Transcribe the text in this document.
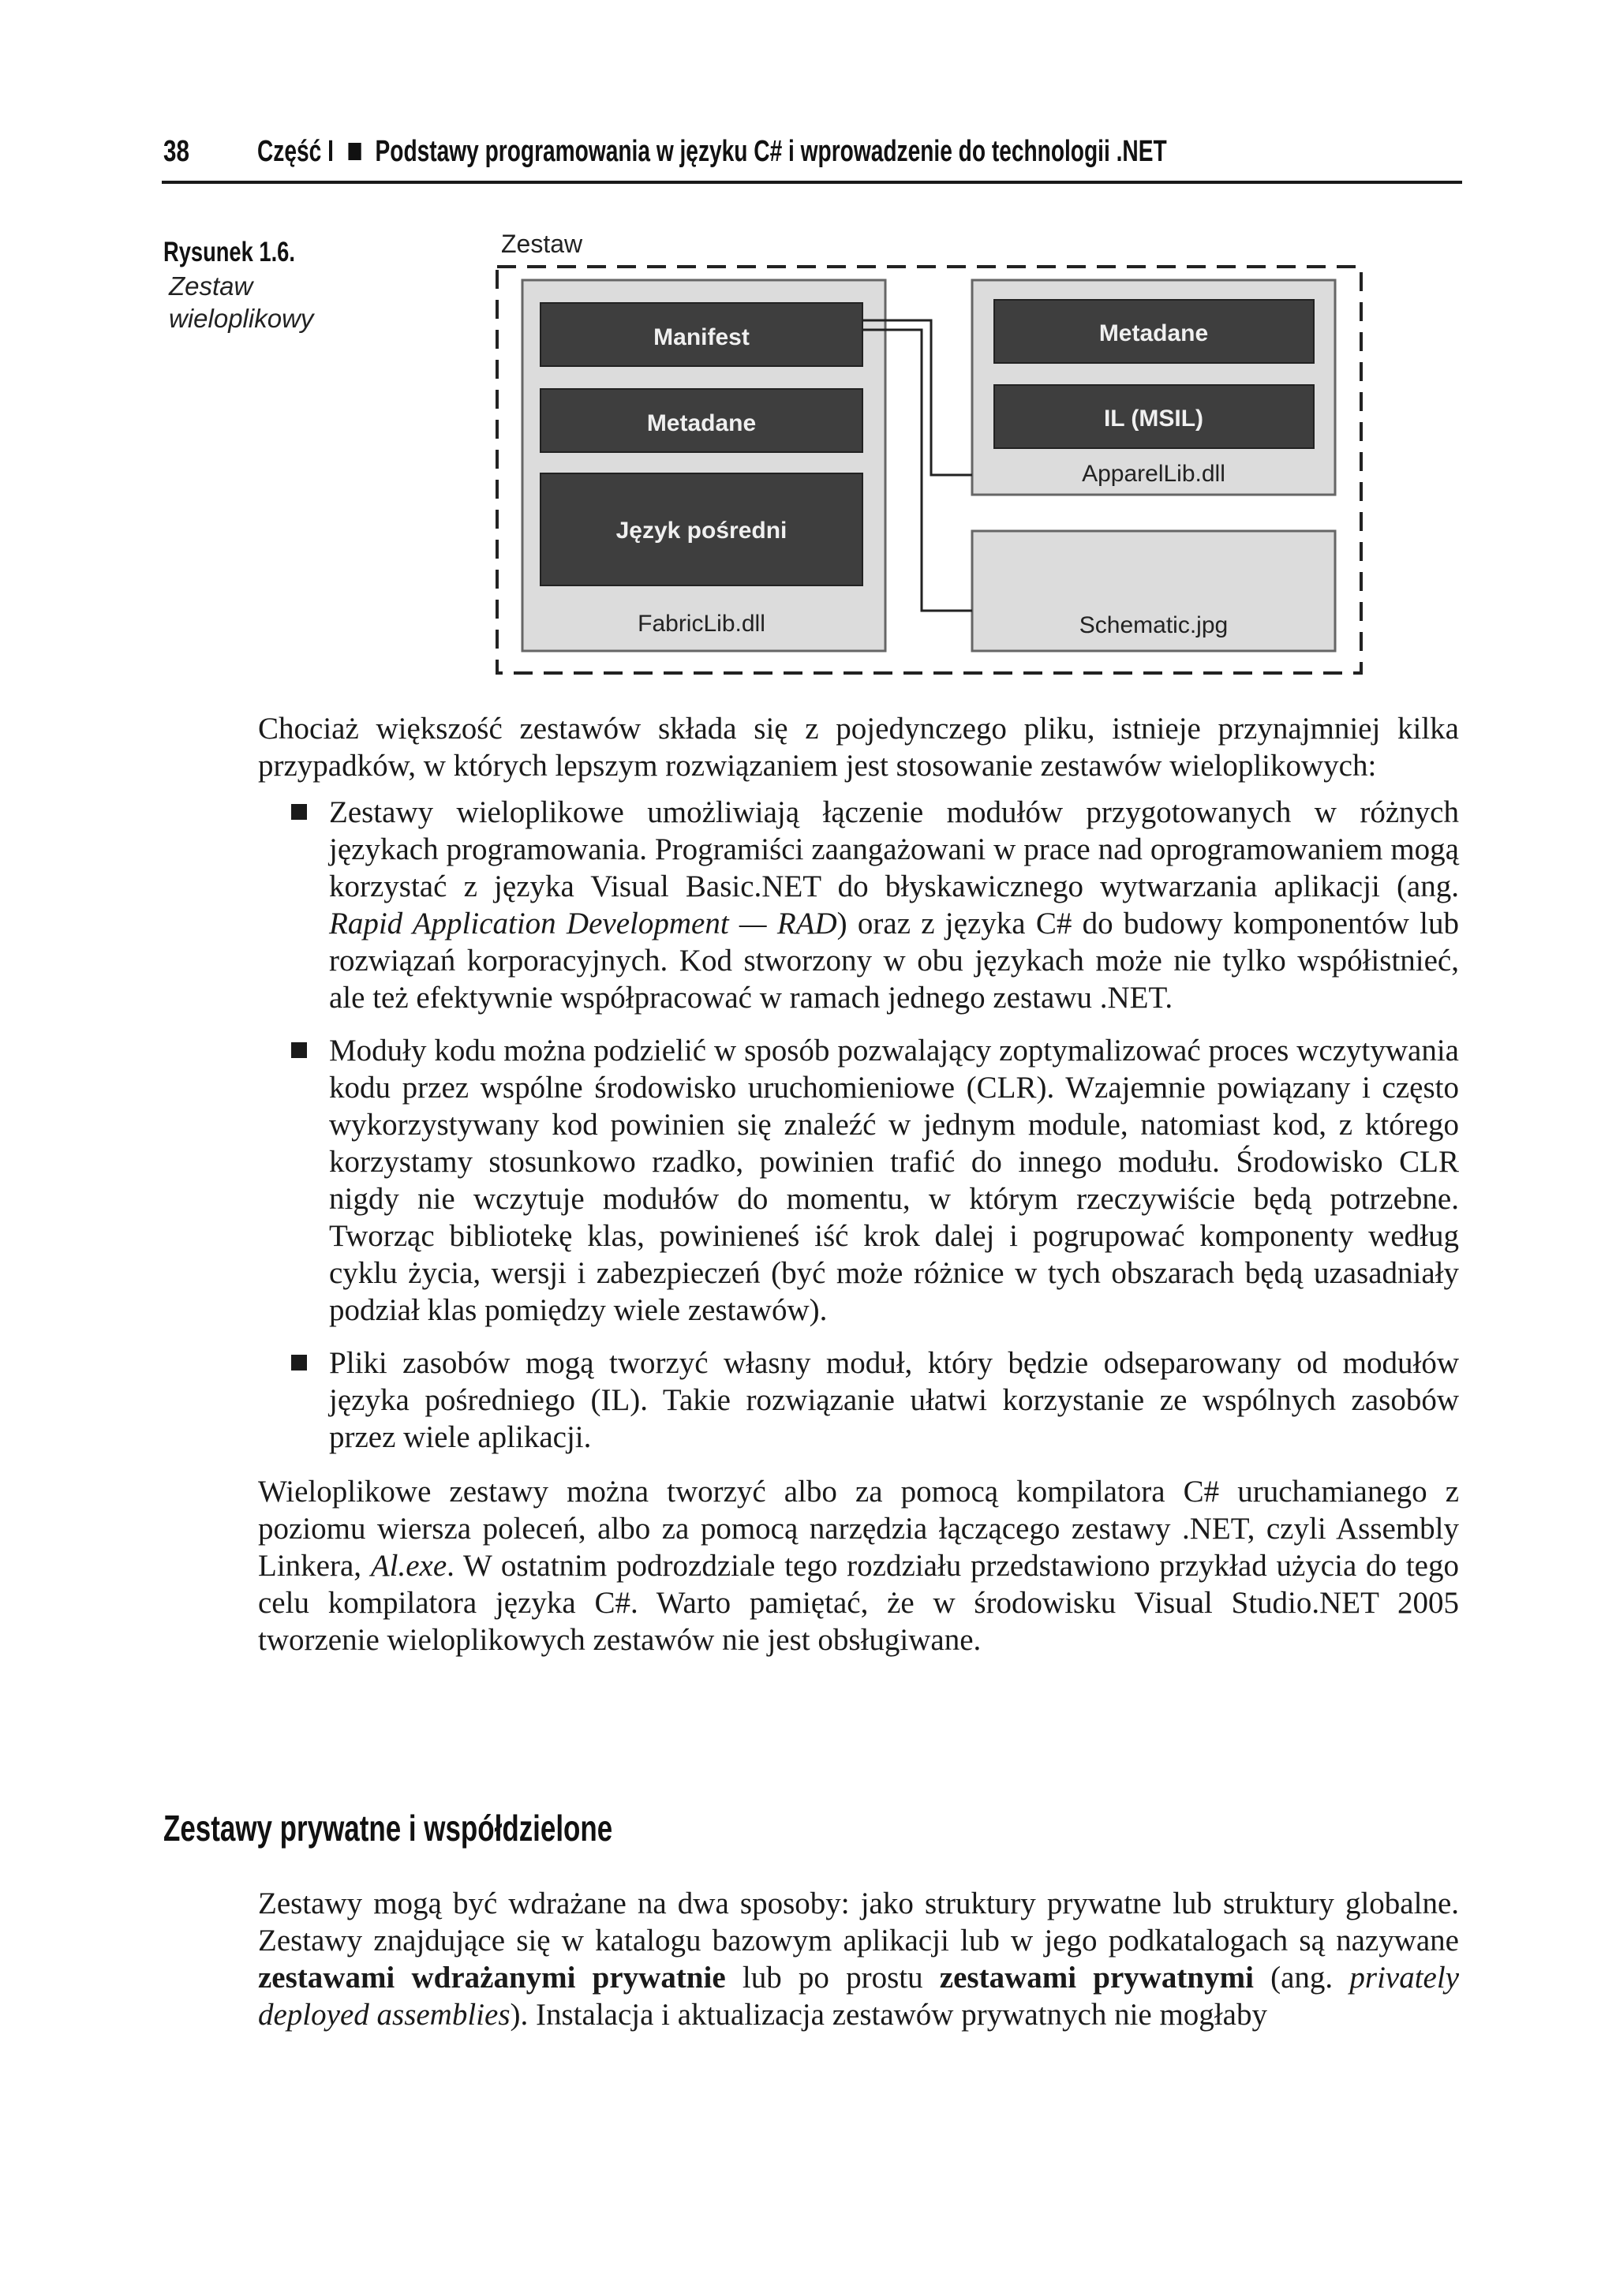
38 Część I Podstawy programowania w języku C# i wprowadzenie do technologii .NET
Rysunek 1.6.
Zestaw
wieloplikowy
Zestaw
Manifest
Metadane
Język pośredni
FabricLib.dll
Metadane
IL (MSIL)
ApparelLib.dll
Schematic.jpg

Chociaż większość zestawów składa się z pojedynczego pliku, istnieje przynajmniej kilka przypadków, w których lepszym rozwiązaniem jest stosowanie zestawów wieloplikowych:

Zestawy wieloplikowe umożliwiają łączenie modułów przygotowanych w różnych językach programowania. Programiści zaangażowani w prace nad oprogramowaniem mogą korzystać z języka Visual Basic.NET do błyskawicznego wytwarzania aplikacji (ang. Rapid Application Development — RAD) oraz z języka C# do budowy komponentów lub rozwiązań korporacyjnych. Kod stworzony w obu językach może nie tylko współistnieć, ale też efektywnie współpracować w ramach jednego zestawu .NET.
Moduły kodu można podzielić w sposób pozwalający zoptymalizować proces wczytywania kodu przez wspólne środowisko uruchomieniowe (CLR). Wzajemnie powiązany i często wykorzystywany kod powinien się znaleźć w jednym module, natomiast kod, z którego korzystamy stosunkowo rzadko, powinien trafić do innego modułu. Środowisko CLR nigdy nie wczytuje modułów do momentu, w którym rzeczywiście będą potrzebne. Tworząc bibliotekę klas, powinieneś iść krok dalej i pogrupować komponenty według cyklu życia, wersji i zabezpieczeń (być może różnice w tych obszarach będą uzasadniały podział klas pomiędzy wiele zestawów).
Pliki zasobów mogą tworzyć własny moduł, który będzie odseparowany od modułów języka pośredniego (IL). Takie rozwiązanie ułatwi korzystanie ze wspólnych zasobów przez wiele aplikacji.

Wieloplikowe zestawy można tworzyć albo za pomocą kompilatora C# uruchamianego z poziomu wiersza poleceń, albo za pomocą narzędzia łączącego zestawy .NET, czyli Assembly Linkera, Al.exe. W ostatnim podrozdziale tego rozdziału przedstawiono przykład użycia do tego celu kompilatora języka C#. Warto pamiętać, że w środowisku Visual Studio.NET 2005 tworzenie wieloplikowych zestawów nie jest obsługiwane.

Zestawy prywatne i współdzielone

Zestawy mogą być wdrażane na dwa sposoby: jako struktury prywatne lub struktury globalne. Zestawy znajdujące się w katalogu bazowym aplikacji lub w jego podkatalogach są nazywane zestawami wdrażanymi prywatnie lub po prostu zestawami prywatnymi (ang. privately deployed assemblies). Instalacja i aktualizacja zestawów prywatnych nie mogłaby
